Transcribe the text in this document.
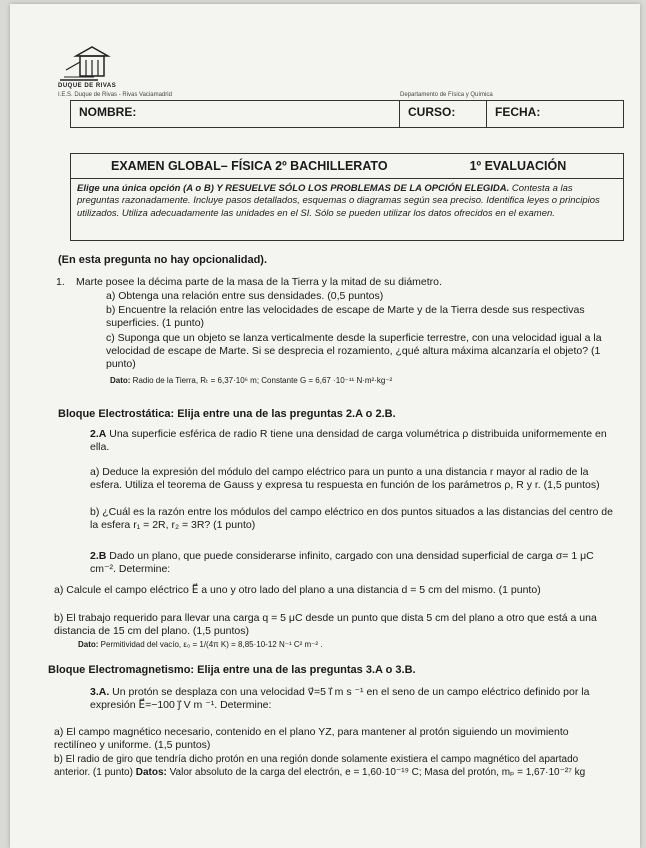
DUQUE DE RIVAS
I.E.S. Duque de Rivas - Rivas Vaciamadrid	Departamento de Física y Química
NOMBRE:	CURSO:	FECHA:
EXAMEN GLOBAL– FÍSICA 2º BACHILLERATO	1º EVALUACIÓN
Elige una única opción (A o B) Y RESUELVE SÓLO LOS PROBLEMAS DE LA OPCIÓN ELEGIDA. Contesta a las preguntas razonadamente. Incluye pasos detallados, esquemas o diagramas según sea preciso. Identifica leyes o principios utilizados. Utiliza adecuadamente las unidades en el SI. Sólo se pueden utilizar los datos ofrecidos en el examen.
(En esta pregunta no hay opcionalidad).
1. Marte posee la décima parte de la masa de la Tierra y la mitad de su diámetro.
a) Obtenga una relación entre sus densidades. (0,5 puntos)
b) Encuentre la relación entre las velocidades de escape de Marte y de la Tierra desde sus respectivas superficies. (1 punto)
c) Suponga que un objeto se lanza verticalmente desde la superficie terrestre, con una velocidad igual a la velocidad de escape de Marte. Si se desprecia el rozamiento, ¿qué altura máxima alcanzaría el objeto? (1 punto)
Dato: Radio de la Tierra, Rₜ = 6,37·10⁶ m; Constante G = 6,67 ·10⁻¹¹ N·m²·kg⁻²
Bloque Electrostática: Elija entre una de las preguntas 2.A o 2.B.
2.A Una superficie esférica de radio R tiene una densidad de carga volumétrica ρ distribuida uniformemente en ella.
a) Deduce la expresión del módulo del campo eléctrico para un punto a una distancia r mayor al radio de la esfera. Utiliza el teorema de Gauss y expresa tu respuesta en función de los parámetros ρ, R y r. (1,5 puntos)
b) ¿Cuál es la razón entre los módulos del campo eléctrico en dos puntos situados a las distancias del centro de la esfera r₁ = 2R, r₂ = 3R? (1 punto)
2.B Dado un plano, que puede considerarse infinito, cargado con una densidad superficial de carga σ= 1 μC cm⁻². Determine:
a) Calcule el campo eléctrico E⃗ a uno y otro lado del plano a una distancia d = 5 cm del mismo. (1 punto)
b) El trabajo requerido para llevar una carga q = 5 μC desde un punto que dista 5 cm del plano a otro que está a una distancia de 15 cm del plano. (1,5 puntos)
Dato: Permitividad del vacío, ε₀ = 1/(4π K) = 8,85·10-12 N⁻¹ C² m⁻² .
Bloque Electromagnetismo: Elija entre una de las preguntas 3.A o 3.B.
3.A. Un protón se desplaza con una velocidad v⃗=5 i⃗ m s ⁻¹ en el seno de un campo eléctrico definido por la expresión E⃗=−100 j⃗ V m ⁻¹. Determine:
a) El campo magnético necesario, contenido en el plano YZ, para mantener al protón siguiendo un movimiento rectilíneo y uniforme. (1,5 puntos)
b) El radio de giro que tendría dicho protón en una región donde solamente existiera el campo magnético del apartado anterior. (1 punto) Datos: Valor absoluto de la carga del electrón, e = 1,60·10⁻¹⁹ C; Masa del protón, mₚ = 1,67·10⁻²⁷ kg
